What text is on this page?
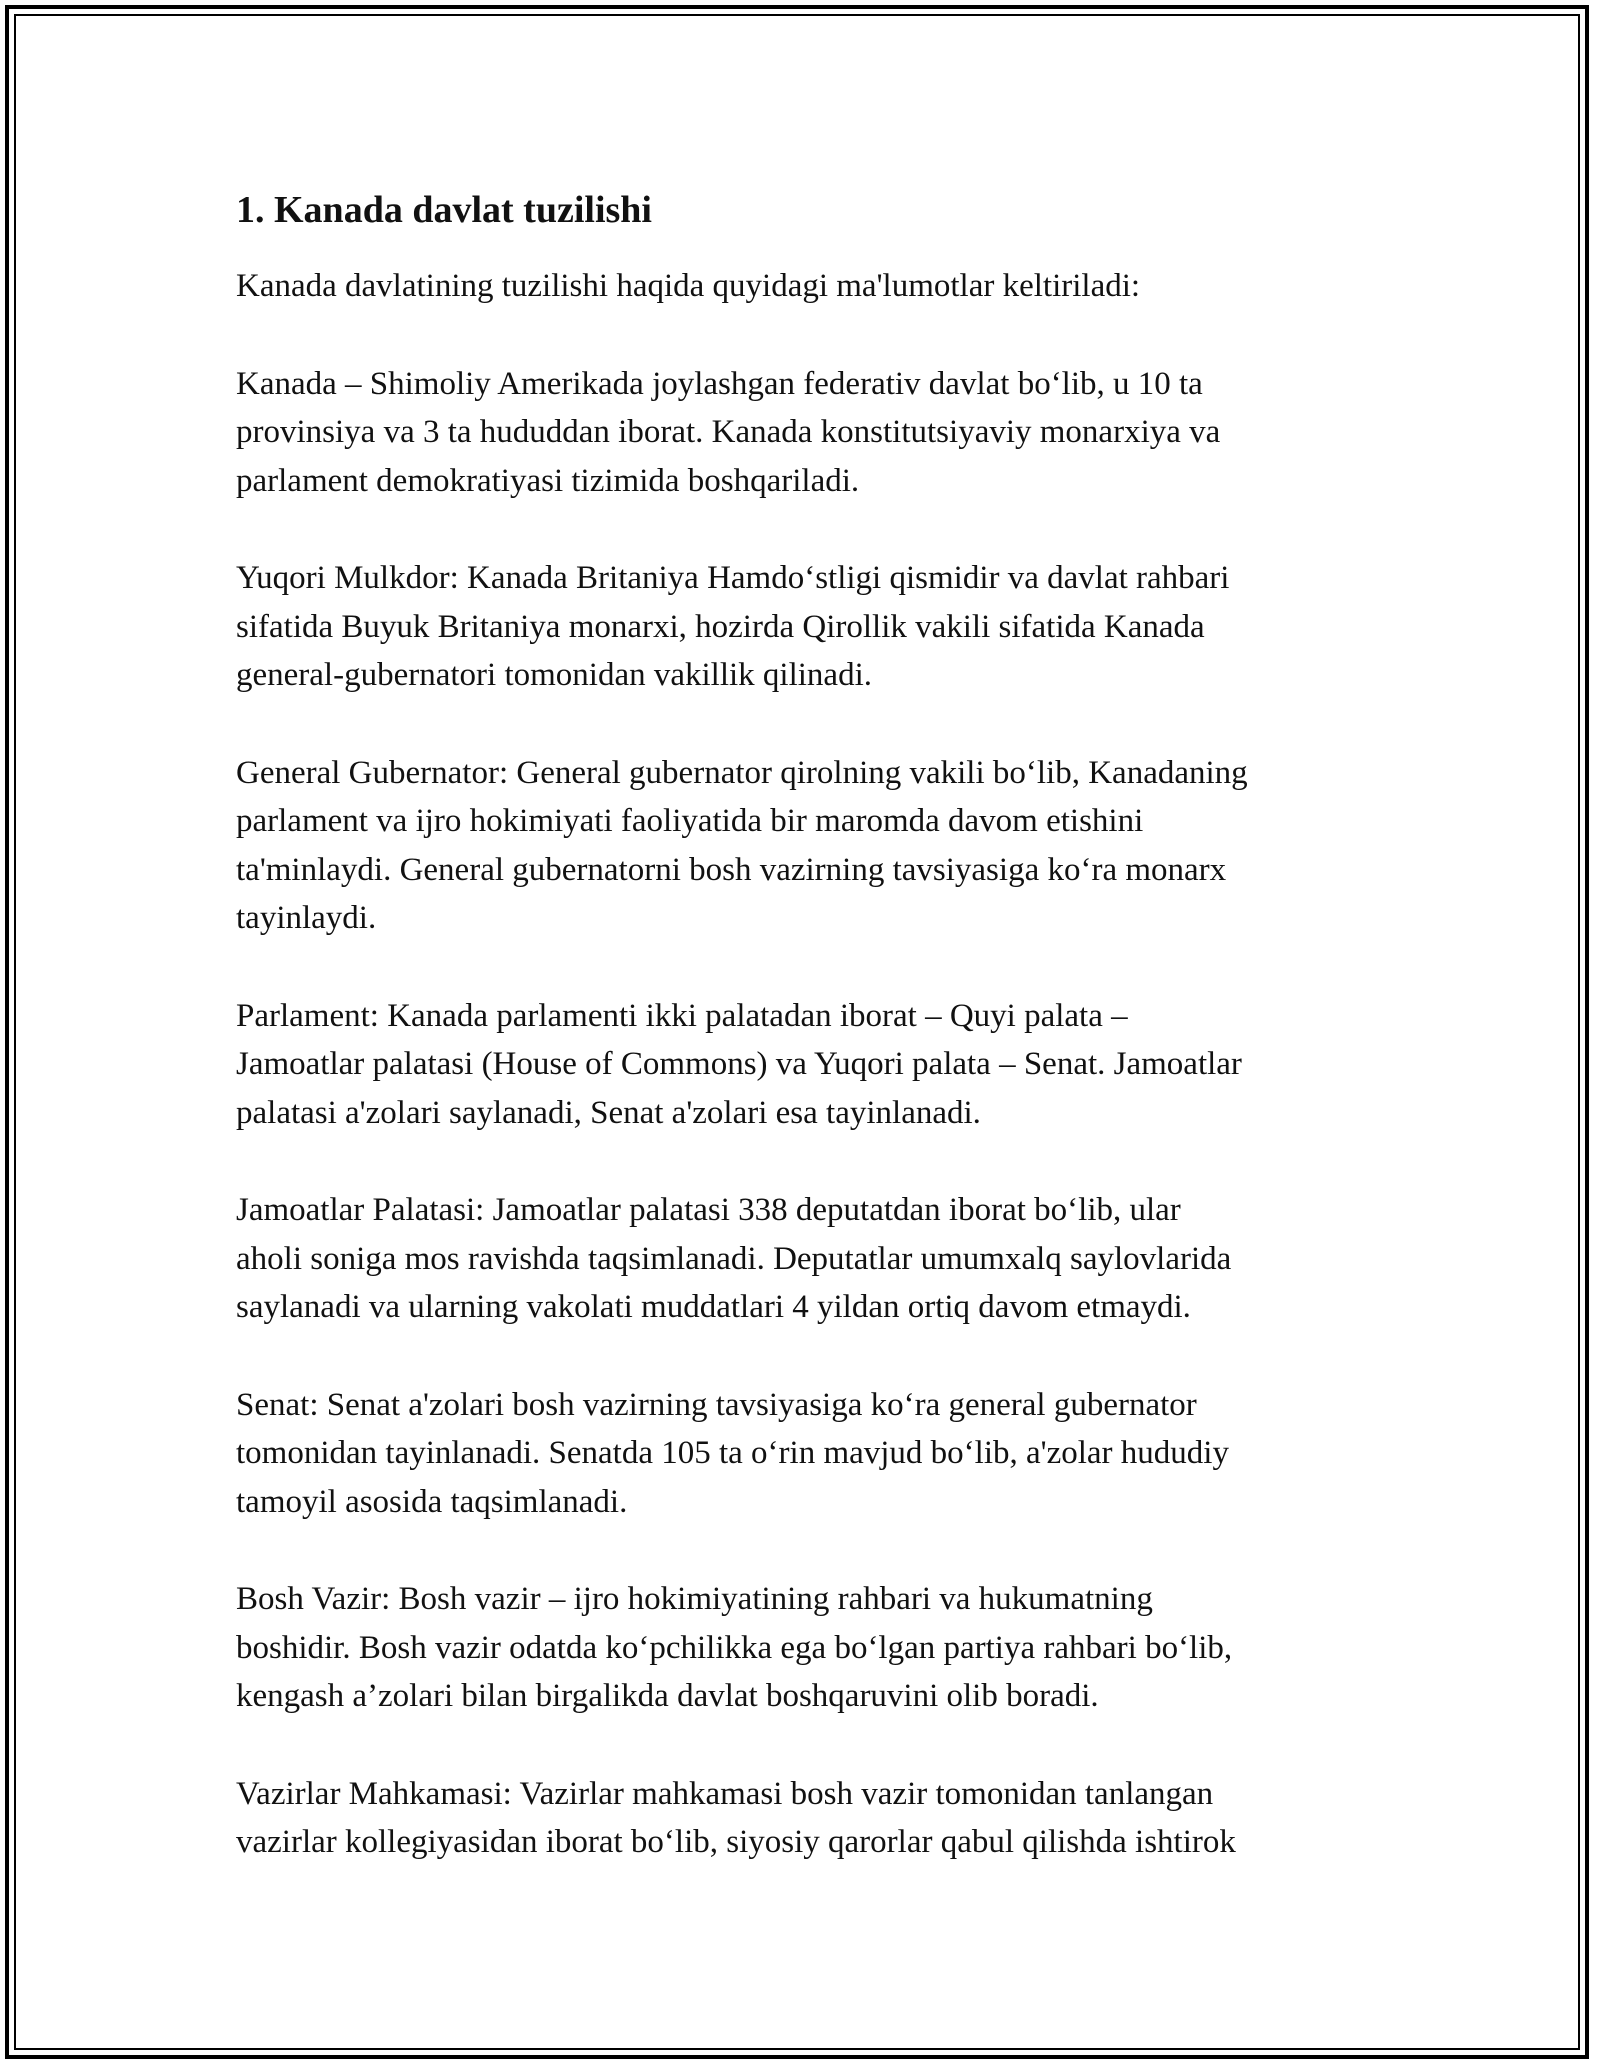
1. Kanada davlat tuzilishi

Kanada davlatining tuzilishi haqida quyidagi ma'lumotlar keltiriladi:

Kanada – Shimoliy Amerikada joylashgan federativ davlat bo‘lib, u 10 ta
provinsiya va 3 ta hududdan iborat. Kanada konstitutsiyaviy monarxiya va
parlament demokratiyasi tizimida boshqariladi.

Yuqori Mulkdor: Kanada Britaniya Hamdo‘stligi qismidir va davlat rahbari
sifatida Buyuk Britaniya monarxi, hozirda Qirollik vakili sifatida Kanada
general-gubernatori tomonidan vakillik qilinadi.

General Gubernator: General gubernator qirolning vakili bo‘lib, Kanadaning
parlament va ijro hokimiyati faoliyatida bir maromda davom etishini
ta'minlaydi. General gubernatorni bosh vazirning tavsiyasiga ko‘ra monarx
tayinlaydi.

Parlament: Kanada parlamenti ikki palatadan iborat – Quyi palata –
Jamoatlar palatasi (House of Commons) va Yuqori palata – Senat. Jamoatlar
palatasi a'zolari saylanadi, Senat a'zolari esa tayinlanadi.

Jamoatlar Palatasi: Jamoatlar palatasi 338 deputatdan iborat bo‘lib, ular
aholi soniga mos ravishda taqsimlanadi. Deputatlar umumxalq saylovlarida
saylanadi va ularning vakolati muddatlari 4 yildan ortiq davom etmaydi.

Senat: Senat a'zolari bosh vazirning tavsiyasiga ko‘ra general gubernator
tomonidan tayinlanadi. Senatda 105 ta o‘rin mavjud bo‘lib, a'zolar hududiy
tamoyil asosida taqsimlanadi.

Bosh Vazir: Bosh vazir – ijro hokimiyatining rahbari va hukumatning
boshidir. Bosh vazir odatda ko‘pchilikka ega bo‘lgan partiya rahbari bo‘lib,
kengash a’zolari bilan birgalikda davlat boshqaruvini olib boradi.

Vazirlar Mahkamasi: Vazirlar mahkamasi bosh vazir tomonidan tanlangan
vazirlar kollegiyasidan iborat bo‘lib, siyosiy qarorlar qabul qilishda ishtirok
